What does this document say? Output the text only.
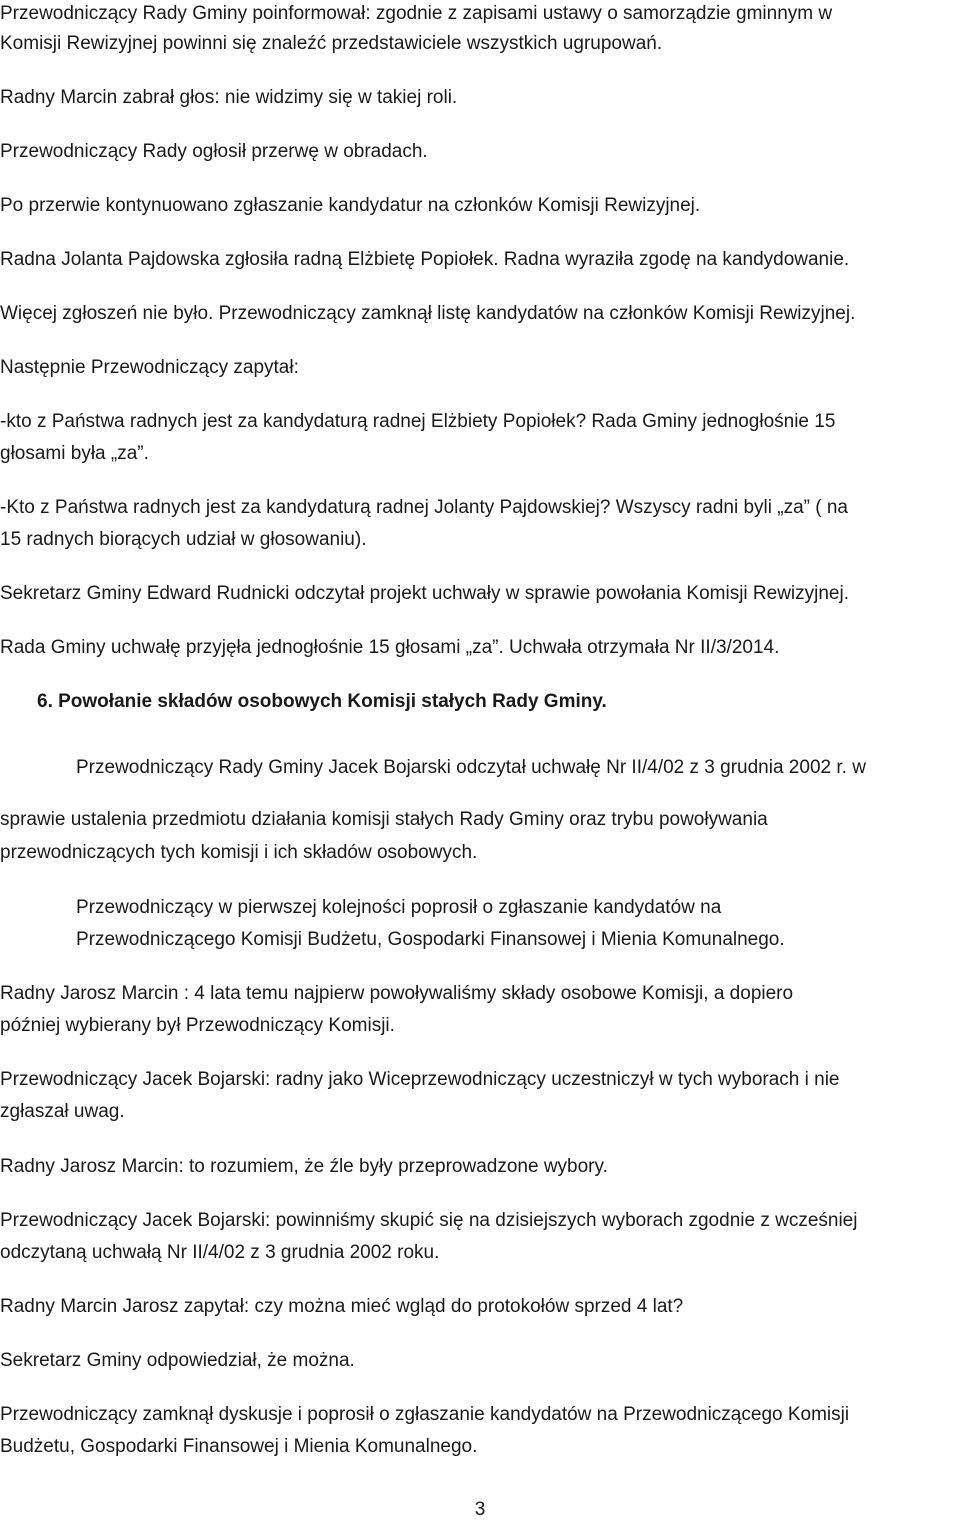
Przewodniczący Rady Gminy poinformował: zgodnie z zapisami ustawy o samorządzie gminnym w
Komisji Rewizyjnej powinni się znaleźć przedstawiciele wszystkich ugrupowań.
Radny Marcin zabrał głos: nie widzimy się w takiej roli.
Przewodniczący Rady ogłosił przerwę w obradach.
Po przerwie kontynuowano zgłaszanie kandydatur na członków Komisji Rewizyjnej.
Radna Jolanta Pajdowska zgłosiła radną Elżbietę Popiołek. Radna wyraziła zgodę na kandydowanie.
Więcej zgłoszeń nie było. Przewodniczący zamknął listę kandydatów na członków Komisji Rewizyjnej.
Następnie Przewodniczący zapytał:
-kto z Państwa radnych jest za kandydaturą radnej Elżbiety Popiołek? Rada Gminy jednogłośnie 15
głosami była „za”.
-Kto z Państwa radnych jest za kandydaturą radnej Jolanty Pajdowskiej? Wszyscy radni byli „za” ( na
15 radnych biorących udział w głosowaniu).
Sekretarz Gminy Edward Rudnicki odczytał projekt uchwały w sprawie powołania Komisji Rewizyjnej.
Rada Gminy uchwałę przyjęła jednogłośnie 15 głosami „za”. Uchwała otrzymała Nr II/3/2014.
6. Powołanie składów osobowych Komisji stałych Rady Gminy.
Przewodniczący Rady Gminy Jacek Bojarski odczytał uchwałę Nr II/4/02 z 3 grudnia 2002 r. w
sprawie ustalenia przedmiotu działania komisji stałych Rady Gminy oraz trybu powoływania
przewodniczących tych komisji i ich składów osobowych.
Przewodniczący w pierwszej kolejności poprosił o zgłaszanie kandydatów na
Przewodniczącego Komisji Budżetu, Gospodarki Finansowej i Mienia Komunalnego.
Radny Jarosz Marcin : 4 lata temu najpierw powoływaliśmy składy osobowe Komisji, a dopiero
później wybierany był Przewodniczący Komisji.
Przewodniczący Jacek Bojarski: radny jako Wiceprzewodniczący uczestniczył w tych wyborach i nie
zgłaszał uwag.
Radny Jarosz Marcin: to rozumiem, że źle były przeprowadzone wybory.
Przewodniczący Jacek Bojarski: powinniśmy skupić się na dzisiejszych wyborach zgodnie z wcześniej
odczytaną uchwałą Nr II/4/02 z 3 grudnia 2002 roku.
Radny Marcin Jarosz zapytał: czy można mieć wgląd do protokołów sprzed 4 lat?
Sekretarz Gminy odpowiedział, że można.
Przewodniczący zamknął dyskusje i poprosił o zgłaszanie kandydatów na Przewodniczącego Komisji
Budżetu, Gospodarki Finansowej i Mienia Komunalnego.
3
